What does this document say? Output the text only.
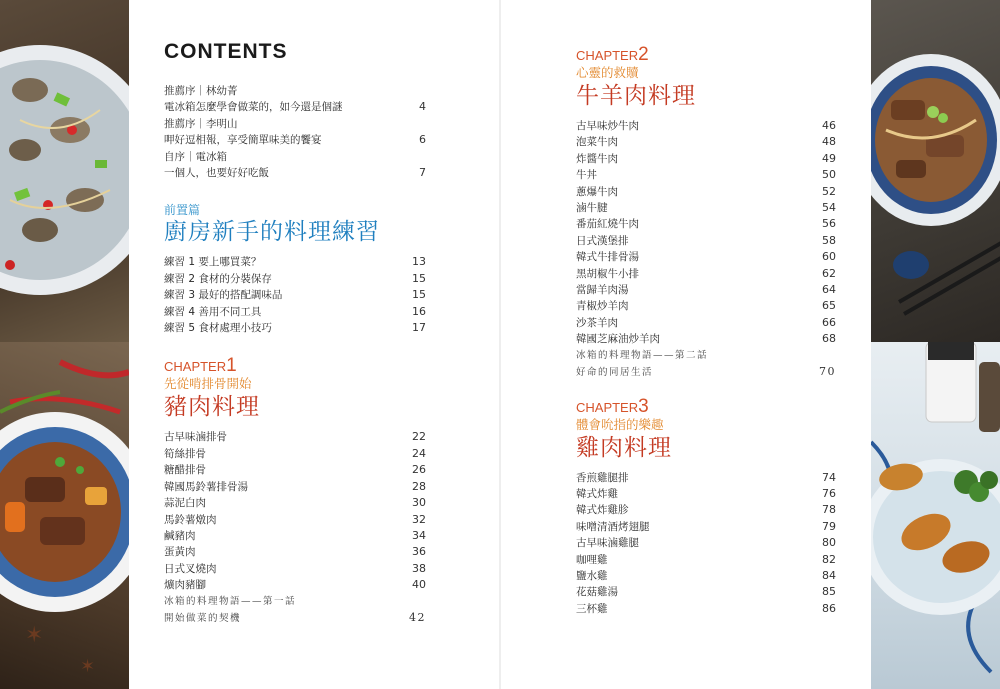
✶
✶
CONTENTS
推薦序｜林幼菁
電冰箱怎麼學會做菜的，如今還是個謎	4
推薦序｜李明山
呷好逗相報，享受簡單味美的饗宴	6
自序｜電冰箱
一個人，也要好好吃飯	7
前置篇
廚房新手的料理練習
練習 1 要上哪買菜？	13
練習 2 食材的分裝保存	15
練習 3 最好的搭配調味品	15
練習 4 善用不同工具	16
練習 5 食材處理小技巧	17
CHAPTER1
先從啃排骨開始
豬肉料理
古早味滷排骨	22
筍絲排骨	24
糖醋排骨	26
韓國馬鈴薯排骨湯	28
蒜泥白肉	30
馬鈴薯燉肉	32
鹹豬肉	34
蛋黃肉	36
日式叉燒肉	38
爌肉豬腳	40
冰箱的料理物語——第一話
開始做菜的契機	42
CHAPTER2
心靈的救贖
牛羊肉料理
古早味炒牛肉	46
泡菜牛肉	48
炸醬牛肉	49
牛丼	50
蔥爆牛肉	52
滷牛腱	54
番茄紅燒牛肉	56
日式漢堡排	58
韓式牛排骨湯	60
黑胡椒牛小排	62
當歸羊肉湯	64
青椒炒羊肉	65
沙茶羊肉	66
韓國芝麻油炒羊肉	68
冰箱的料理物語——第二話
好命的同居生活	70
CHAPTER3
體會吮指的樂趣
雞肉料理
香煎雞腿排	74
韓式炸雞	76
韓式炸雞胗	78
味噌清酒烤翅腿	79
古早味滷雞腿	80
咖哩雞	82
鹽水雞	84
花菇雞湯	85
三杯雞	86
